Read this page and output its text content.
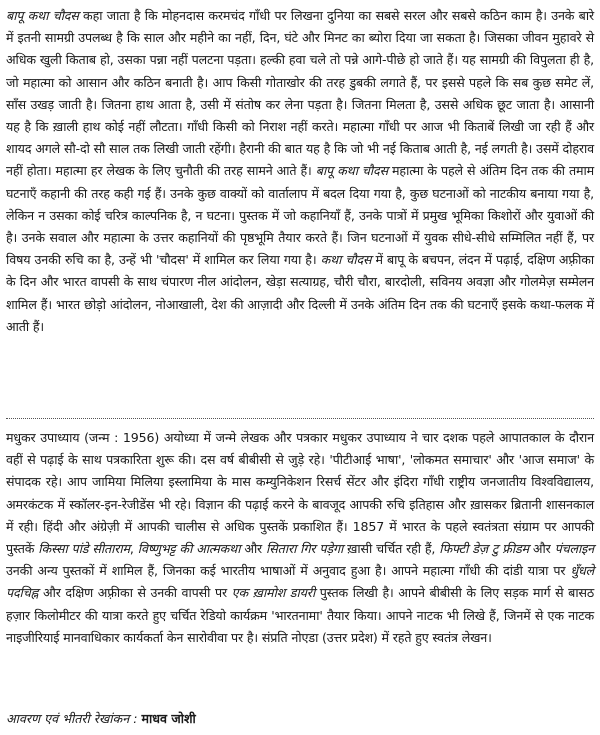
बापू कथा चौदस कहा जाता है कि मोहनदास करमचंद गाँधी पर लिखना दुनिया का सबसे सरल और सबसे कठिन काम है। उनके बारे में इतनी सामग्री उपलब्ध है कि साल और महीने का नहीं, दिन, घंटे और मिनट का ब्योरा दिया जा सकता है। जिसका जीवन मुहावरे से अधिक खुली किताब हो, उसका पन्ना नहीं पलटना पड़ता। हल्की हवा चले तो पन्ने आगे-पीछे हो जाते हैं। यह सामग्री की विपुलता ही है, जो महात्मा को आसान और कठिन बनाती है। आप किसी गोताखोर की तरह डुबकी लगाते हैं, पर इससे पहले कि सब कुछ समेट लें, साँस उखड़ जाती है। जितना हाथ आता है, उसी में संतोष कर लेना पड़ता है। जितना मिलता है, उससे अधिक छूट जाता है। आसानी यह है कि ख़ाली हाथ कोई नहीं लौटता। गाँधी किसी को निराश नहीं करते। महात्मा गाँधी पर आज भी किताबें लिखी जा रही हैं और शायद अगले सौ-दो सौ साल तक लिखी जाती रहेंगी। हैरानी की बात यह है कि जो भी नई किताब आती है, नई लगती है। उसमें दोहराव नहीं होता। महात्मा हर लेखक के लिए चुनौती की तरह सामने आते हैं। बापू कथा चौदस महात्मा के पहले से अंतिम दिन तक की तमाम घटनाएँ कहानी की तरह कही गई हैं। उनके कुछ वाक्यों को वार्तालाप में बदल दिया गया है, कुछ घटनाओं को नाटकीय बनाया गया है, लेकिन न उसका कोई चरित्र काल्पनिक है, न घटना। पुस्तक में जो कहानियाँ हैं, उनके पात्रों में प्रमुख भूमिका किशोरों और युवाओं की है। उनके सवाल और महात्मा के उत्तर कहानियों की पृष्ठभूमि तैयार करते हैं। जिन घटनाओं में युवक सीधे-सीधे सम्मिलित नहीं हैं, पर विषय उनकी रुचि का है, उन्हें भी 'चौदस' में शामिल कर लिया गया है। कथा चौदस में बापू के बचपन, लंदन में पढ़ाई, दक्षिण अफ़्रीका के दिन और भारत वापसी के साथ चंपारण नील आंदोलन, खेड़ा सत्याग्रह, चौरी चौरा, बारदोली, सविनय अवज्ञा और गोलमेज़ सम्मेलन शामिल हैं। भारत छोड़ो आंदोलन, नोआखाली, देश की आज़ादी और दिल्ली में उनके अंतिम दिन तक की घटनाएँ इसके कथा-फलक में आती हैं।

मधुकर उपाध्याय (जन्म : 1956) अयोध्या में जन्मे लेखक और पत्रकार मधुकर उपाध्याय ने चार दशक पहले आपातकाल के दौरान वहीं से पढ़ाई के साथ पत्रकारिता शुरू की। दस वर्ष बीबीसी से जुड़े रहे। 'पीटीआई भाषा', 'लोकमत समाचार' और 'आज समाज' के संपादक रहे। आप जामिया मिलिया इस्लामिया के मास कम्युनिकेशन रिसर्च सेंटर और इंदिरा गाँधी राष्ट्रीय जनजातीय विश्वविद्यालय, अमरकंटक में स्कॉलर-इन-रेजीडेंस भी रहे। विज्ञान की पढ़ाई करने के बावजूद आपकी रुचि इतिहास और ख़ासकर ब्रितानी शासनकाल में रही। हिंदी और अंग्रेज़ी में आपकी चालीस से अधिक पुस्तकें प्रकाशित हैं। 1857 में भारत के पहले स्वतंत्रता संग्राम पर आपकी पुस्तकें किस्सा पांडे सीताराम, विष्णुभट्ट की आत्मकथा और सितारा गिर पड़ेगा ख़ासी चर्चित रही हैं, फिफ्टी डेज़ टु फ्रीडम और पंचलाइन उनकी अन्य पुस्तकों में शामिल हैं, जिनका कई भारतीय भाषाओं में अनुवाद हुआ है। आपने महात्मा गाँधी की दांडी यात्रा पर धुँधले पदचिह्न और दक्षिण अफ़्रीका से उनकी वापसी पर एक ख़ामोश डायरी पुस्तक लिखी है। आपने बीबीसी के लिए सड़क मार्ग से बासठ हज़ार किलोमीटर की यात्रा करते हुए चर्चित रेडियो कार्यक्रम 'भारतनामा' तैयार किया। आपने नाटक भी लिखे हैं, जिनमें से एक नाटक नाइजीरियाई मानवाधिकार कार्यकर्ता केन सारोवीवा पर है। संप्रति नोएडा (उत्तर प्रदेश) में रहते हुए स्वतंत्र लेखन।

आवरण एवं भीतरी रेखांकन : माधव जोशी
